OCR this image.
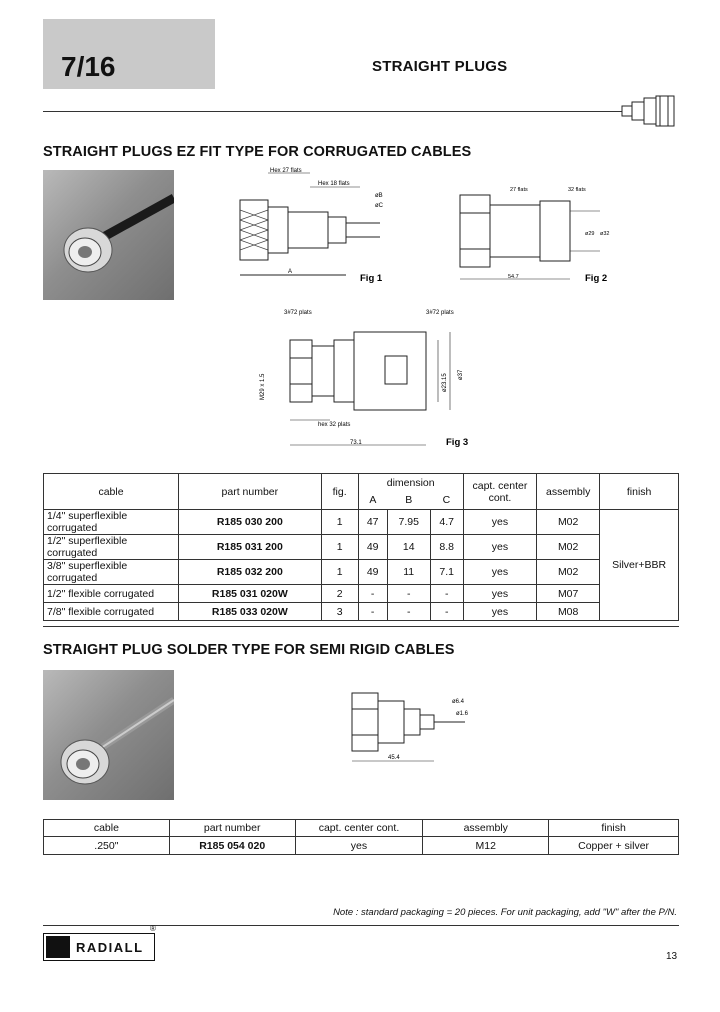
7/16	STRAIGHT PLUGS
STRAIGHT PLUGS EZ FIT TYPE FOR CORRUGATED CABLES
Hex 27 flats
Hex 18 flats
øB
øC
A
Fig 1
27 flats	32 flats
ø29 ø32
54.7	Fig 2
3#72 plats	3#72 plats
M29 x 1.5	ø23.15 ø37
hex 32 plats
73.1	Fig 3
cable	part number	fig.	dimension			capt. center cont.	assembly	finish
			A	B	C			
1/4" superflexible corrugated	R185 030 200	1	47	7.95	4.7	yes	M02	Silver+BBR
1/2" superflexible corrugated	R185 031 200	1	49	14	8.8	yes	M02	
3/8" superflexible corrugated	R185 032 200	1	49	11	7.1	yes	M02	
1/2" flexible corrugated	R185 031 020W	2	-	-	-	yes	M07	
7/8" flexible corrugated	R185 033 020W	3	-	-	-	yes	M08	
STRAIGHT PLUG SOLDER TYPE FOR SEMI RIGID CABLES
ø6.4
ø1.6
45.4
cable	part number	capt. center cont.	assembly	finish
.250"	R185 054 020	yes	M12	Copper + silver
Note : standard packaging = 20 pieces. For unit packaging, add "W" after the P/N.
RADIALL
®
13
